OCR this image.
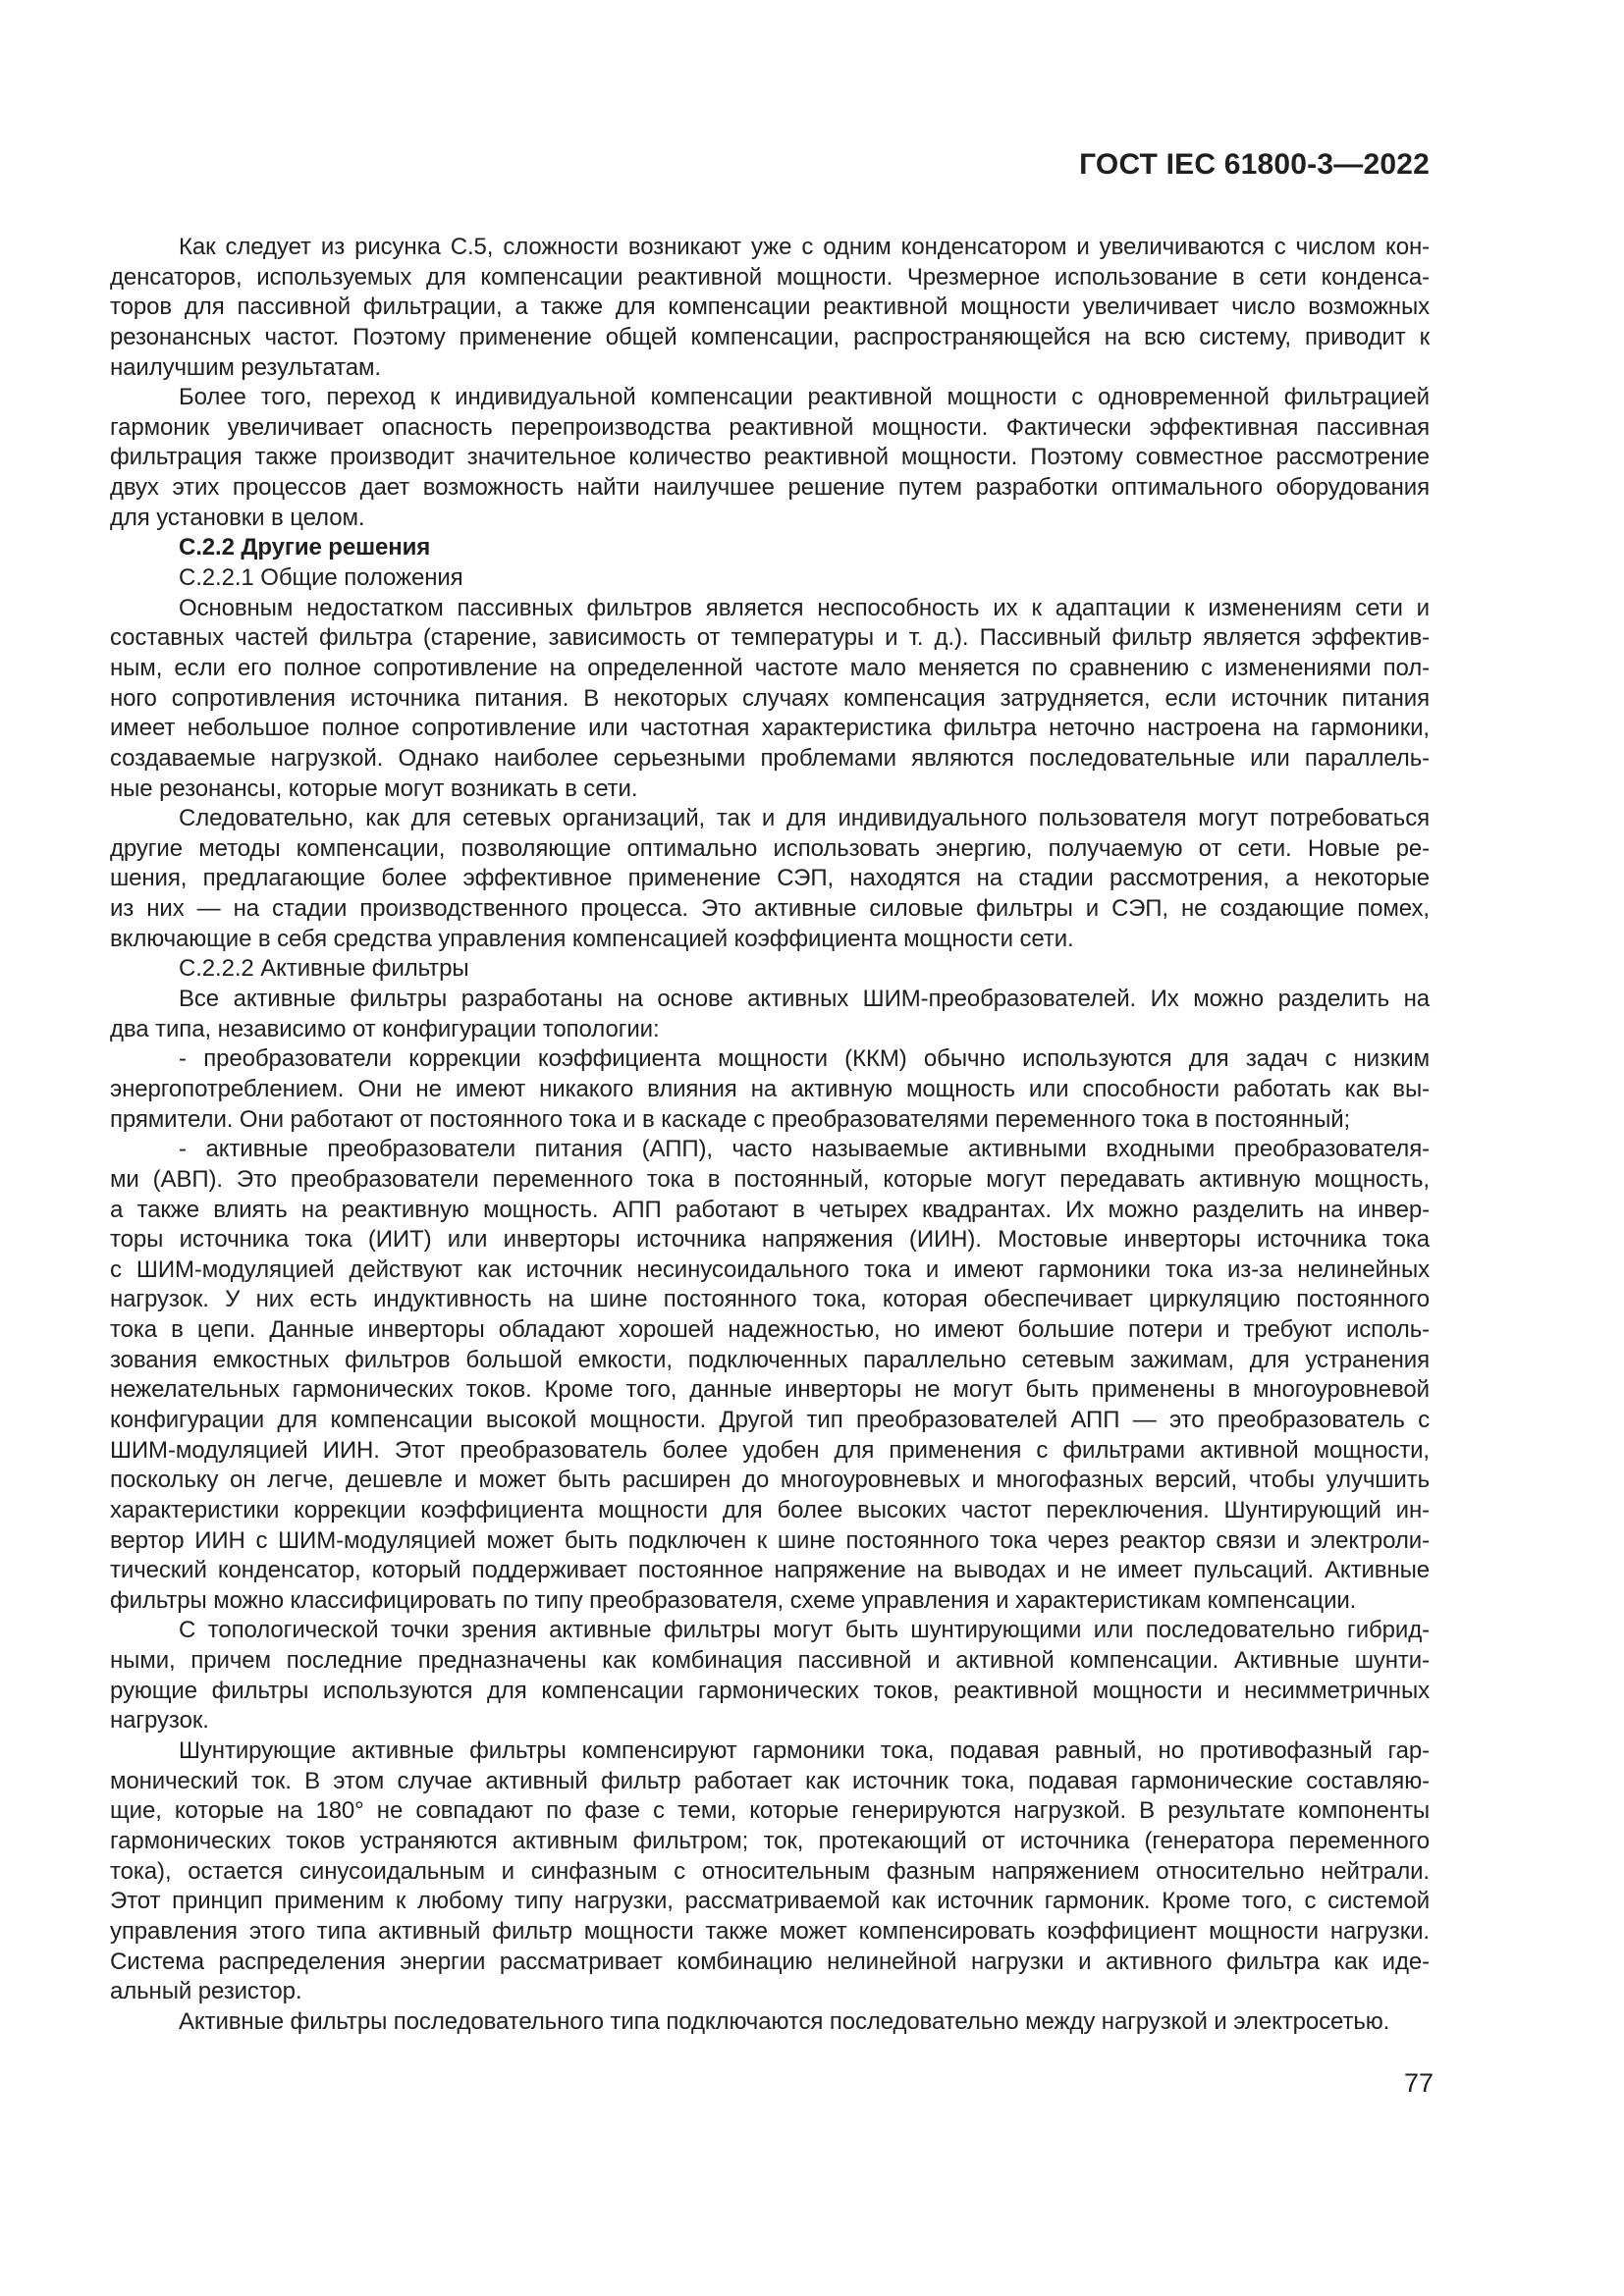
ГОСТ IEC 61800-3—2022
Как следует из рисунка С.5, сложности возникают уже с одним конденсатором и увеличиваются с числом кон-
денсаторов, используемых для компенсации реактивной мощности. Чрезмерное использование в сети конденса-
торов для пассивной фильтрации, а также для компенсации реактивной мощности увеличивает число возможных
резонансных частот. Поэтому применение общей компенсации, распространяющейся на всю систему, приводит к
наилучшим результатам.
Более того, переход к индивидуальной компенсации реактивной мощности с одновременной фильтрацией
гармоник увеличивает опасность перепроизводства реактивной мощности. Фактически эффективная пассивная
фильтрация также производит значительное количество реактивной мощности. Поэтому совместное рассмотрение
двух этих процессов дает возможность найти наилучшее решение путем разработки оптимального оборудования
для установки в целом.
С.2.2 Другие решения
С.2.2.1 Общие положения
Основным недостатком пассивных фильтров является неспособность их к адаптации к изменениям сети и
составных частей фильтра (старение, зависимость от температуры и т. д.). Пассивный фильтр является эффектив-
ным, если его полное сопротивление на определенной частоте мало меняется по сравнению с изменениями пол-
ного сопротивления источника питания. В некоторых случаях компенсация затрудняется, если источник питания
имеет небольшое полное сопротивление или частотная характеристика фильтра неточно настроена на гармоники,
создаваемые нагрузкой. Однако наиболее серьезными проблемами являются последовательные или параллель-
ные резонансы, которые могут возникать в сети.
Следовательно, как для сетевых организаций, так и для индивидуального пользователя могут потребоваться
другие методы компенсации, позволяющие оптимально использовать энергию, получаемую от сети. Новые ре-
шения, предлагающие более эффективное применение СЭП, находятся на стадии рассмотрения, а некоторые
из них — на стадии производственного процесса. Это активные силовые фильтры и СЭП, не создающие помех,
включающие в себя средства управления компенсацией коэффициента мощности сети.
С.2.2.2 Активные фильтры
Все активные фильтры разработаны на основе активных ШИМ-преобразователей. Их можно разделить на
два типа, независимо от конфигурации топологии:
- преобразователи коррекции коэффициента мощности (ККМ) обычно используются для задач с низким
энергопотреблением. Они не имеют никакого влияния на активную мощность или способности работать как вы-
прямители. Они работают от постоянного тока и в каскаде с преобразователями переменного тока в постоянный;
- активные преобразователи питания (АПП), часто называемые активными входными преобразователя-
ми (АВП). Это преобразователи переменного тока в постоянный, которые могут передавать активную мощность,
а также влиять на реактивную мощность. АПП работают в четырех квадрантах. Их можно разделить на инвер-
торы источника тока (ИИТ) или инверторы источника напряжения (ИИН). Мостовые инверторы источника тока
с ШИМ-модуляцией действуют как источник несинусоидального тока и имеют гармоники тока из-за нелинейных
нагрузок. У них есть индуктивность на шине постоянного тока, которая обеспечивает циркуляцию постоянного
тока в цепи. Данные инверторы обладают хорошей надежностью, но имеют большие потери и требуют исполь-
зования емкостных фильтров большой емкости, подключенных параллельно сетевым зажимам, для устранения
нежелательных гармонических токов. Кроме того, данные инверторы не могут быть применены в многоуровневой
конфигурации для компенсации высокой мощности. Другой тип преобразователей АПП — это преобразователь с
ШИМ-модуляцией ИИН. Этот преобразователь более удобен для применения с фильтрами активной мощности,
поскольку он легче, дешевле и может быть расширен до многоуровневых и многофазных версий, чтобы улучшить
характеристики коррекции коэффициента мощности для более высоких частот переключения. Шунтирующий ин-
вертор ИИН с ШИМ-модуляцией может быть подключен к шине постоянного тока через реактор связи и электроли-
тический конденсатор, который поддерживает постоянное напряжение на выводах и не имеет пульсаций. Активные
фильтры можно классифицировать по типу преобразователя, схеме управления и характеристикам компенсации.
С топологической точки зрения активные фильтры могут быть шунтирующими или последовательно гибрид-
ными, причем последние предназначены как комбинация пассивной и активной компенсации. Активные шунти-
рующие фильтры используются для компенсации гармонических токов, реактивной мощности и несимметричных
нагрузок.
Шунтирующие активные фильтры компенсируют гармоники тока, подавая равный, но противофазный гар-
монический ток. В этом случае активный фильтр работает как источник тока, подавая гармонические составляю-
щие, которые на 180° не совпадают по фазе с теми, которые генерируются нагрузкой. В результате компоненты
гармонических токов устраняются активным фильтром; ток, протекающий от источника (генератора переменного
тока), остается синусоидальным и синфазным с относительным фазным напряжением относительно нейтрали.
Этот принцип применим к любому типу нагрузки, рассматриваемой как источник гармоник. Кроме того, с системой
управления этого типа активный фильтр мощности также может компенсировать коэффициент мощности нагрузки.
Система распределения энергии рассматривает комбинацию нелинейной нагрузки и активного фильтра как иде-
альный резистор.
Активные фильтры последовательного типа подключаются последовательно между нагрузкой и электросетью.
77
